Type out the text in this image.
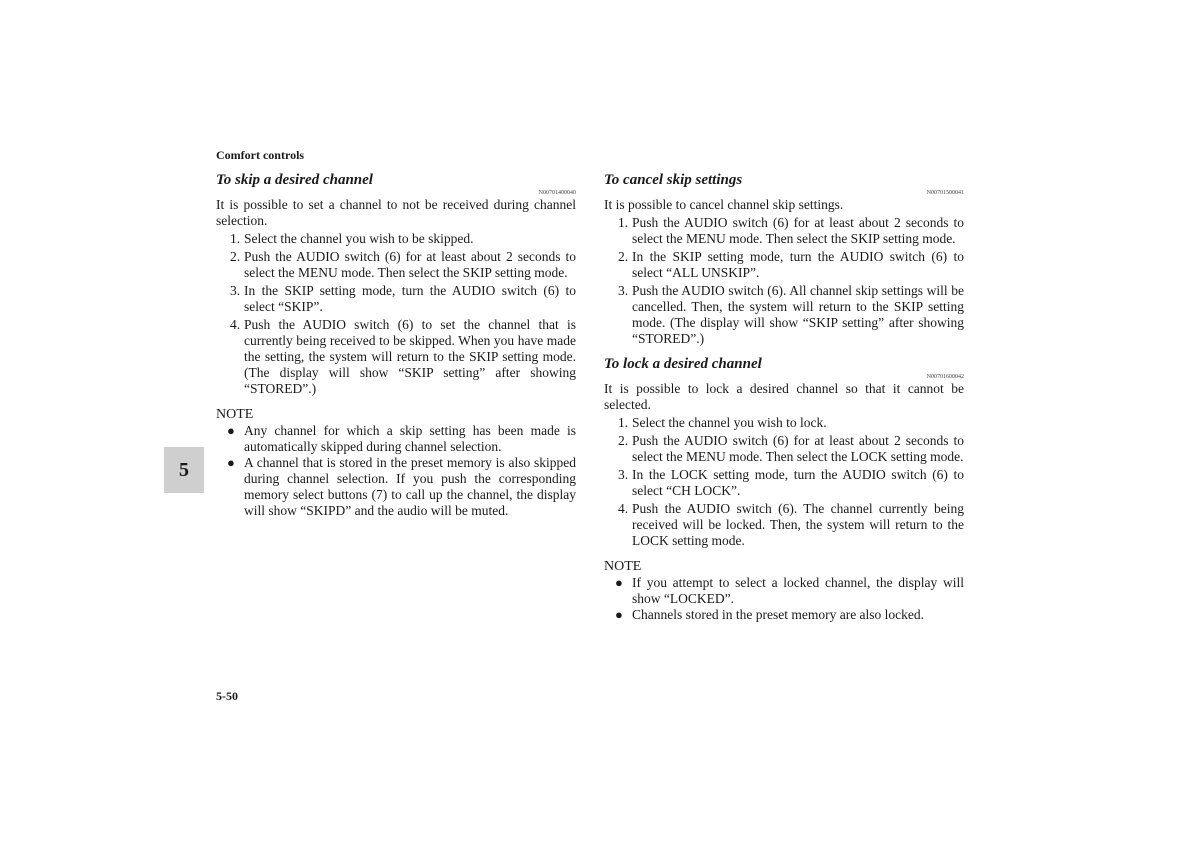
Comfort controls
5
To skip a desired channel
N00701400040

It is possible to set a channel to not be received during channel selection.

1. Select the channel you wish to be skipped.
2. Push the AUDIO switch (6) for at least about 2 seconds to select the MENU mode. Then select the SKIP setting mode.
3. In the SKIP setting mode, turn the AUDIO switch (6) to select “SKIP”.
4. Push the AUDIO switch (6) to set the channel that is currently being received to be skipped. When you have made the setting, the system will return to the SKIP setting mode. (The display will show “SKIP setting” after showing “STORED”.)
NOTE
● Any channel for which a skip setting has been made is automatically skipped during channel selection.
● A channel that is stored in the preset memory is also skipped during channel selection. If you push the corresponding memory select buttons (7) to call up the channel, the display will show “SKIPD” and the audio will be muted.
To cancel skip settings
N00701500041

It is possible to cancel channel skip settings.

1. Push the AUDIO switch (6) for at least about 2 seconds to select the MENU mode. Then select the SKIP setting mode.
2. In the SKIP setting mode, turn the AUDIO switch (6) to select “ALL UNSKIP”.
3. Push the AUDIO switch (6). All channel skip settings will be cancelled. Then, the system will return to the SKIP setting mode. (The display will show “SKIP setting” after showing “STORED”.)
To lock a desired channel
N00701600042

It is possible to lock a desired channel so that it cannot be selected.

1. Select the channel you wish to lock.
2. Push the AUDIO switch (6) for at least about 2 seconds to select the MENU mode. Then select the LOCK setting mode.
3. In the LOCK setting mode, turn the AUDIO switch (6) to select “CH LOCK”.
4. Push the AUDIO switch (6). The channel currently being received will be locked. Then, the system will return to the LOCK setting mode.
NOTE
● If you attempt to select a locked channel, the display will show “LOCKED”.
● Channels stored in the preset memory are also locked.
5-50
